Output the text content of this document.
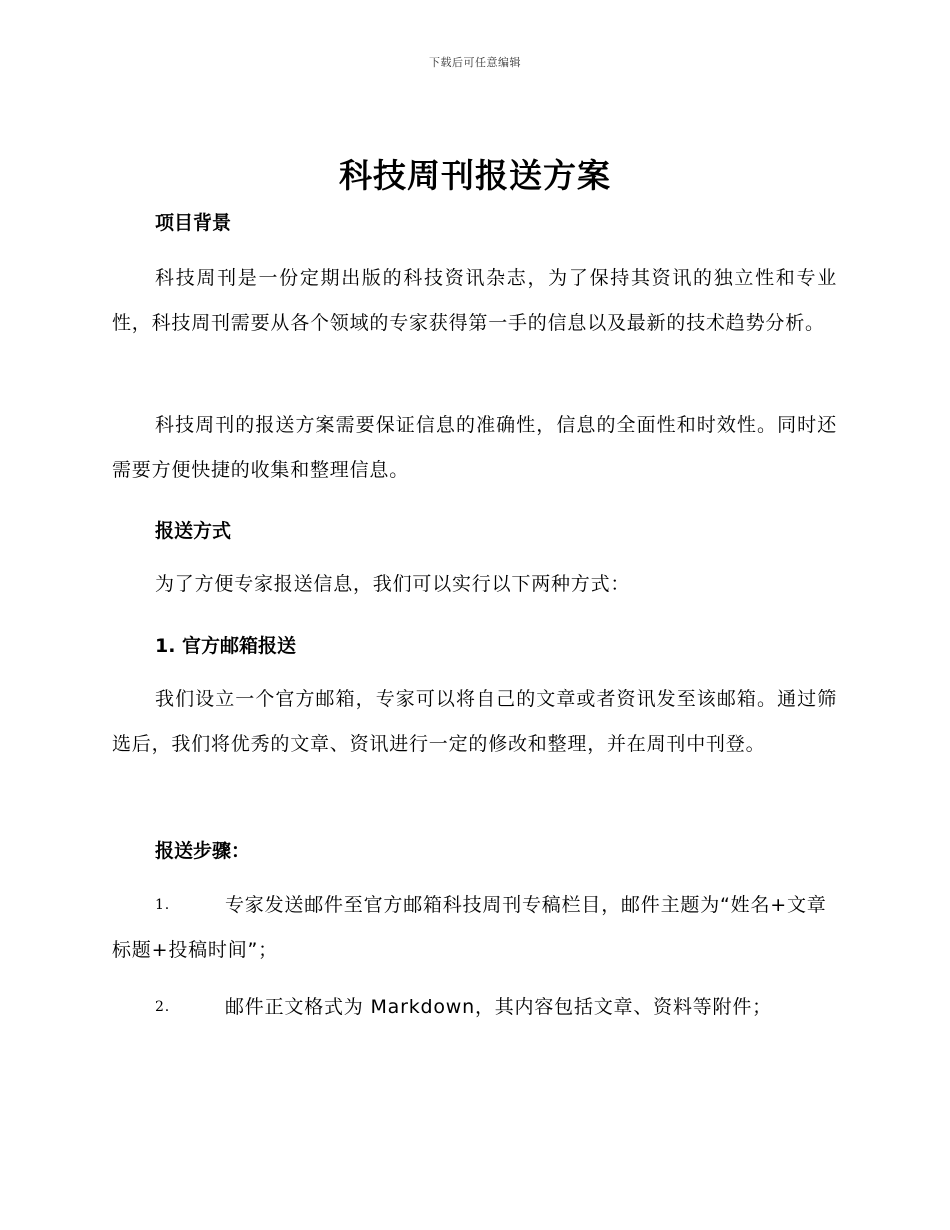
下载后可任意编辑
科技周刊报送方案
项目背景
科技周刊是一份定期出版的科技资讯杂志，为了保持其资讯的独立性和专业性，科技周刊需要从各个领域的专家获得第一手的信息以及最新的技术趋势分析。
科技周刊的报送方案需要保证信息的准确性，信息的全面性和时效性。同时还需要方便快捷的收集和整理信息。
报送方式
为了方便专家报送信息，我们可以实行以下两种方式：
1. 官方邮箱报送
我们设立一个官方邮箱，专家可以将自己的文章或者资讯发至该邮箱。通过筛选后，我们将优秀的文章、资讯进行一定的修改和整理，并在周刊中刊登。
报送步骤：
1.	专家发送邮件至官方邮箱科技周刊专稿栏目，邮件主题为“姓名+文章标题+投稿时间”；
2.	邮件正文格式为 Markdown，其内容包括文章、资料等附件；
